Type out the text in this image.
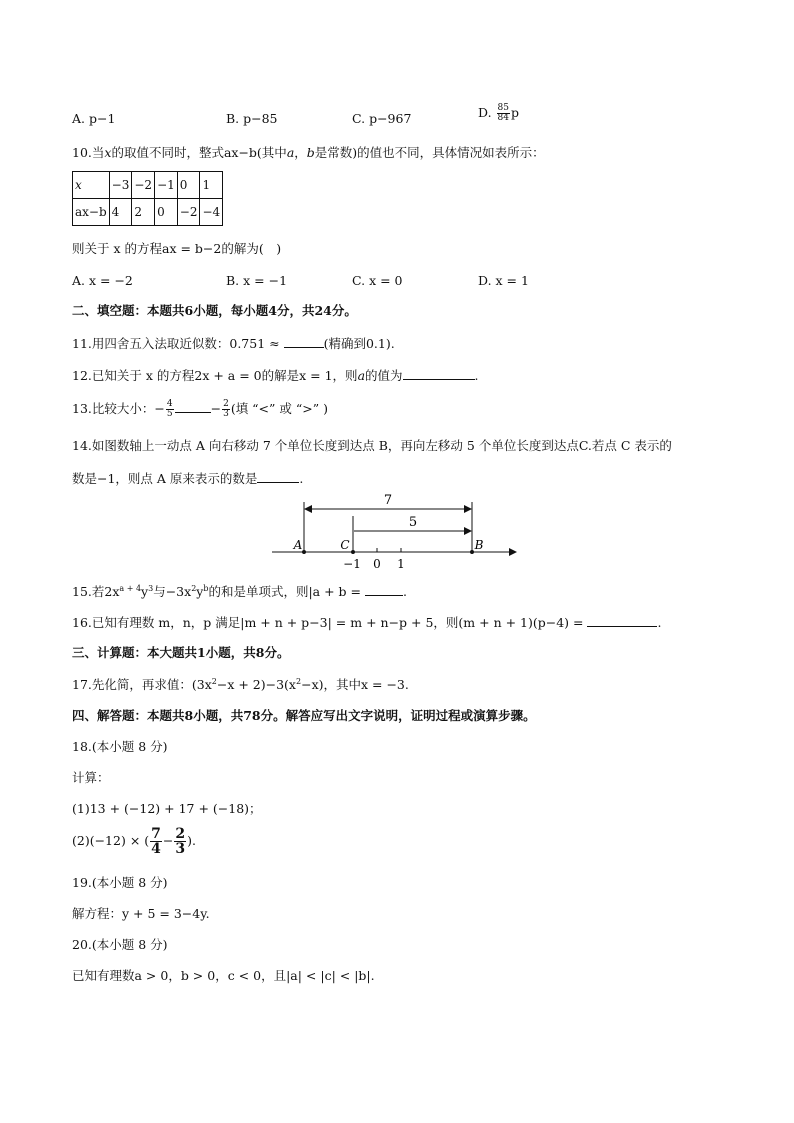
A. p−1	B. p−85	C. p−967	D. $\frac{85}{84}$ p
10.当x的取值不同时，整式ax−b(其中a，b是常数)的值也不同，具体情况如表所示：
x	−3	−2	−1	0	1
ax−b	4	2	0	−2	−4
则关于 x 的方程ax = b−2的解为(　)
A. x = −2	B. x = −1	C. x = 0	D. x = 1
二、填空题：本题共6小题，每小题4分，共24分。
11.用四舍五入法取近似数：0.751 ≈	(精确到0.1).
12.已知关于 x 的方程2x + a = 0的解是x = 1，则a的值为	.
13.比较大小：− $\frac{4}{5}$	− $\frac{2}{3}$ (填 “<” 或 “>” )
14.如图数轴上一动点 A 向右移动 7 个单位长度到达点 B，再向左移动 5 个单位长度到达点C.若点 C 表示的
数是−1，则点 A 原来表示的数是	.
7
5
A	C	B
−1 0 1
15.若$2x^{a + 4}y^3$与$-3x^2y^b$的和是单项式，则|a + b =	.
16.已知有理数 m，n，p 满足|m + n + p−3| = m + n−p + 5，则(m + n + 1)(p−4) =	.
三、计算题：本大题共1小题，共8分。
17.先化简，再求值：$(3x^2-x + 2)-3(x^2-x)$，其中x = −3.
四、解答题：本题共8小题，共78分。解答应写出文字说明，证明过程或演算步骤。
18.(本小题 8 分)
计算：
(1)13 + (−12) + 17 + (−18)；
(2)(−12) × ( $\frac{7}{4} - \frac{2}{3}$ ).
19.(本小题 8 分)
解方程：y + 5 = 3−4y.
20.(本小题 8 分)
已知有理数a > 0，b > 0，c < 0，且|a| < |c| < |b|.
